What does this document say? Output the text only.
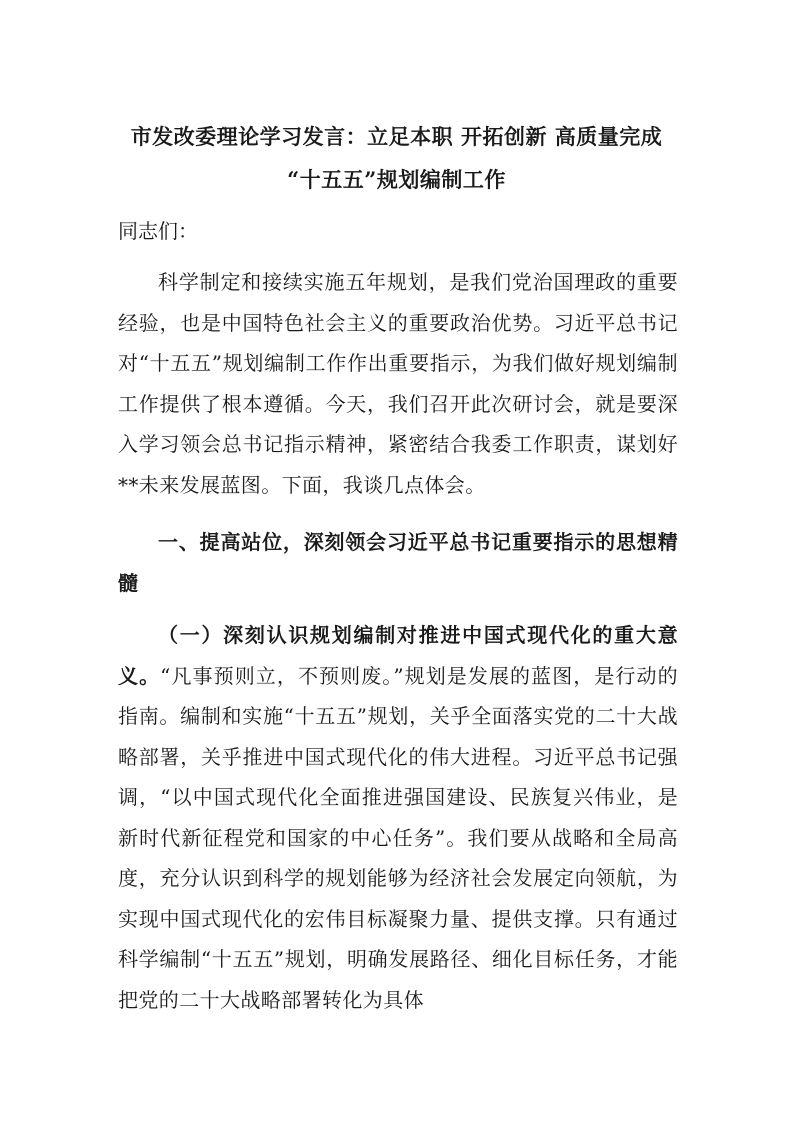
市发改委理论学习发言：立足本职 开拓创新 高质量完成
“十五五”规划编制工作

同志们：

科学制定和接续实施五年规划，是我们党治国理政的重要经验，也是中国特色社会主义的重要政治优势。习近平总书记对“十五五”规划编制工作作出重要指示，为我们做好规划编制工作提供了根本遵循。今天，我们召开此次研讨会，就是要深入学习领会总书记指示精神，紧密结合我委工作职责，谋划好**未来发展蓝图。下面，我谈几点体会。

一、提高站位，深刻领会习近平总书记重要指示的思想精髓

（一）深刻认识规划编制对推进中国式现代化的重大意义。“凡事预则立，不预则废。”规划是发展的蓝图，是行动的指南。编制和实施“十五五”规划，关乎全面落实党的二十大战略部署，关乎推进中国式现代化的伟大进程。习近平总书记强调，“以中国式现代化全面推进强国建设、民族复兴伟业，是新时代新征程党和国家的中心任务”。我们要从战略和全局高度，充分认识到科学的规划能够为经济社会发展定向领航，为实现中国式现代化的宏伟目标凝聚力量、提供支撑。只有通过科学编制“十五五”规划，明确发展路径、细化目标任务，才能把党的二十大战略部署转化为具体
